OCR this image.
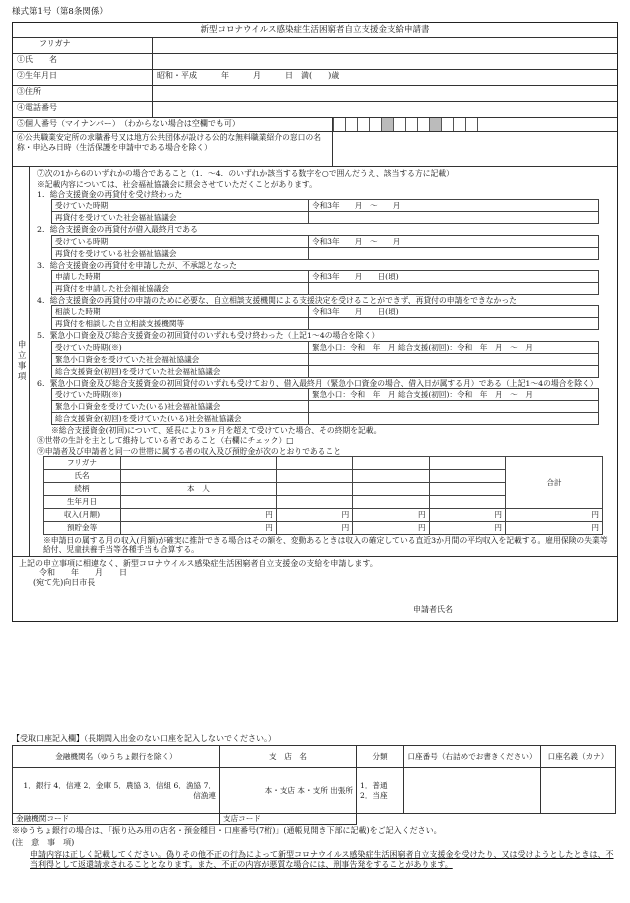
様式第1号（第8条関係）
新型コロナウイルス感染症生活困窮者自立支援金支給申請書
フリガナ
①氏　　名
②生年月日	昭和・平成　　　年　　　月　　　日　満(　　)歳
③住所
④電話番号
⑤個人番号（マイナンバー）　（わからない場合は空欄でも可）
⑥公共職業安定所の求職番号又は地方公共団体が設ける公的な無料職業紹介の窓口の名称・申込み日時（生活保護を申請中である場合を除く）
申立事項
⑦次の1から6のいずれかの場合であること（1．～4．のいずれか該当する数字を○で囲んだうえ、該当する方に記載）
※記載内容については、社会福祉協議会に照会させていただくことがあります。
1．総合支援資金の再貸付を受け終わった
受けていた時期	令和3年　　月　～　　月
再貸付を受けていた社会福祉協議会	
2．総合支援資金の再貸付が借入最終月である
受けている時期	令和3年　　月　～　　月
再貸付を受けている社会福祉協議会	
3．総合支援資金の再貸付を申請したが、不承認となった
申請した時期	令和3年　　月　　日(頃)
再貸付を申請した社会福祉協議会	
4．総合支援資金の再貸付の申請のために必要な、自立相談支援機関による支援決定を受けることができず、再貸付の申請をできなかった
相談した時期	令和3年　　月　　日(頃)
再貸付を相談した自立相談支援機関等	
5．緊急小口資金及び総合支援資金の初回貸付のいずれも受け終わった（上記1～4の場合を除く）
受けていた時期(※)	緊急小口：令和　年　月 総合支援(初回)：令和　年　月　～　月
緊急小口資金を受けていた社会福祉協議会	
総合支援資金(初回)を受けていた社会福祉協議会	
6．緊急小口資金及び総合支援資金の初回貸付のいずれも受けており、借入最終月（緊急小口資金の場合、借入日が属する月）である（上記1～4の場合を除く）
受けていた時期(※)	緊急小口：令和　年　月 総合支援(初回)：令和　年　月　～　月
緊急小口資金を受けていた(いる)社会福祉協議会	
総合支援資金(初回)を受けていた(いる)社会福祉協議会	
※総合支援資金(初回)について、延長により3ヶ月を超えて受けていた場合、その終期を記載。
⑧世帯の生計を主として維持している者であること（右欄にチェック）□
⑨申請者及び申請者と同一の世帯に属する者の収入及び預貯金が次のとおりであること
フリガナ					合計
氏名					
続柄	本　人				
生年月日					
収入(月額)	円	円	円	円	円
預貯金等	円	円	円	円	円
※申請日の属する月の収入(月額)が確実に推計できる場合はその額を、変動あるときは収入の確定している直近3か月間の平均収入を記載する。雇用保険の失業等給付、児童扶養手当等各種手当も合算する。
上記の申立事項に相違なく、新型コロナウイルス感染症生活困窮者自立支援金の支給を申請します。
令和　　年　　月　　日
(宛て先)向日市長
申請者氏名
【受取口座記入欄】（長期間入出金のない口座を記入しないでください。）
金融機関名（ゆうちょ銀行を除く）	支　店　名	分類	口座番号（右詰めでお書きください）	口座名義（カナ）
1．銀行 4．信連 2．金庫 5．農協 3．信組 6．漁協 7．信漁連	本・支店 本・支所 出張所	1．普通 2．当座		
金融機関コード	支店コード			
※ゆうちょ銀行の場合は、「振り込み用の店名・預金種目・口座番号(7桁)」(通帳見開き下部に記載)をご記入ください。
(注　意　事　項)
申請内容は正しく記載してください。偽りその他不正の行為によって新型コロナウイルス感染症生活困窮者自立支援金を受けたり、又は受けようとしたときは、不当利得として返還請求されることとなります。また、不正の内容が悪質な場合には、刑事告発をすることがあります。
